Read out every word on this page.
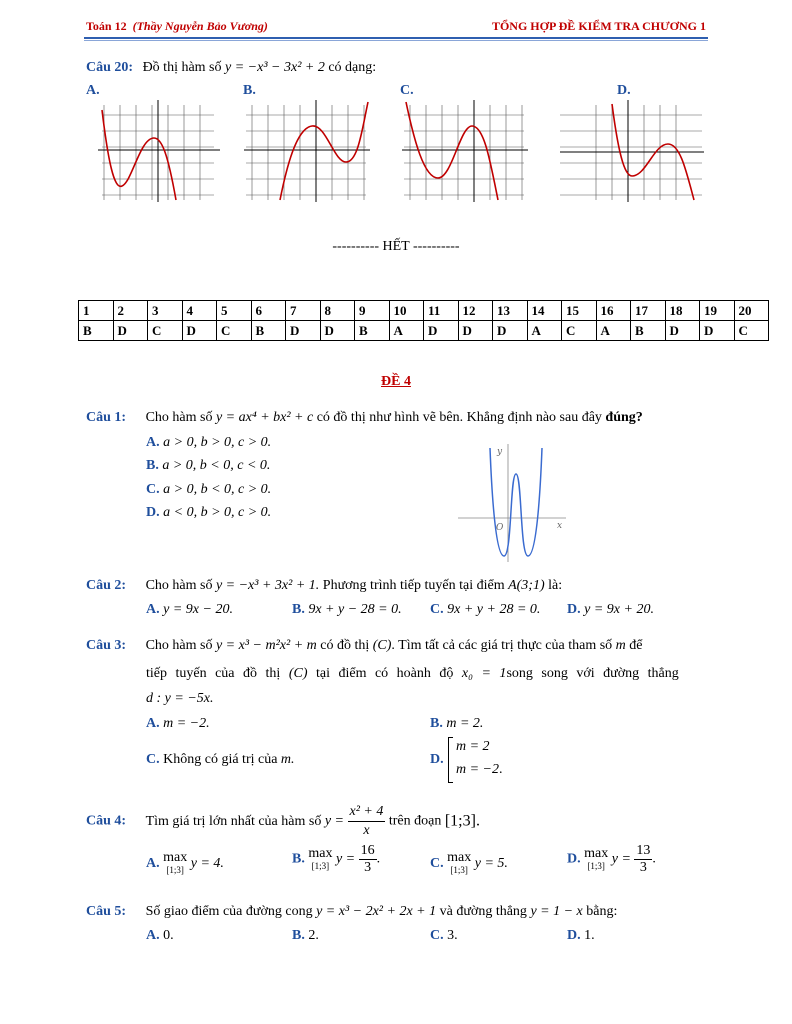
Toán 12 (Thầy Nguyễn Bảo Vương)	TỔNG HỢP ĐỀ KIỂM TRA CHƯƠNG 1
Câu 20: Đồ thị hàm số y = −x³ − 3x² + 2 có dạng:
A.	B.	C.	D.
---------- HẾT ----------
1	2	3	4	5	6	7	8	9	10	11	12	13	14	15	16	17	18	19	20
B	D	C	D	C	B	D	D	B	A	D	D	D	A	C	A	B	D	D	C
ĐỀ 4
Câu 1: Cho hàm số y = ax⁴ + bx² + c có đồ thị như hình vẽ bên. Khẳng định nào sau đây đúng?
A. a > 0, b > 0, c > 0.
B. a > 0, b < 0, c < 0.
C. a > 0, b < 0, c > 0.
D. a < 0, b > 0, c > 0.
y
x
O
Câu 2: Cho hàm số y = −x³ + 3x² + 1. Phương trình tiếp tuyến tại điểm A(3;1) là:
A. y = 9x − 20.	B. 9x + y − 28 = 0. C. 9x + y + 28 = 0. D. y = 9x + 20.
Câu 3: Cho hàm số y = x³ − m²x² + m có đồ thị (C). Tìm tất cả các giá trị thực của tham số m để
tiếp tuyến của đồ thị (C) tại điểm có hoành độ x₀ = 1song song với đường thẳng
d : y = −5x.
A. m = −2.	B. m = 2.
C. Không có giá trị của m.	D.
m = 2
m = −2.
Câu 4: Tìm giá trị lớn nhất của hàm số $y = \frac{\text{x² + 4}}{x}$ trên đoạn [1;3].
A. max
[1;3] y = 4.	B. max
[1;3] $y = \frac{16}{3}$ .	C. max
[1;3] y = 5.	D. max
[1;3] $y = \frac{13}{3}$ .
Câu 5: Số giao điểm của đường cong y = x³ − 2x² + 2x + 1 và đường thẳng y = 1 − x bằng:
A. 0.	B. 2.	C. 3.	D. 1.
